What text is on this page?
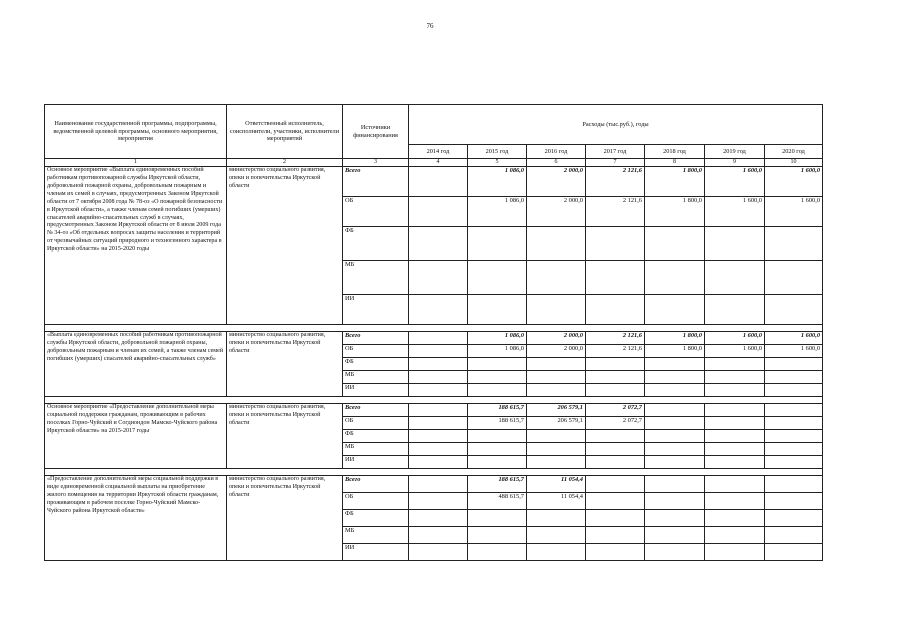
76
Наименование государственной программы, подпрограммы, ведомственной целевой программы, основного мероприятия, мероприятия	Ответственный исполнитель, соисполнители, участники, исполнители мероприятий	Источники финансирования	Расходы (тыс.руб.), годы						
			2014 год	2015 год	2016 год	2017 год	2018 год	2019 год	2020 год
1	2	3	4	5	6	7	8	9	10
Основное мероприятие «Выплата единовременных пособий работникам противопожарной службы Иркутской области, добровольной пожарной охраны, добровольным пожарным и членам их семей в случаях, предусмотренных Законом Иркутской области от 7 октября 2008 года № 78-оз «О пожарной безопасности в Иркутской области», а также членам семей погибших (умерших) спасателей аварийно-спасательных служб в случаях, предусмотренных Законом Иркутской области от 8 июля 2009 года № 34-оз «Об отдельных вопросах защиты населения и территорий от чрезвычайных ситуаций природного и техногенного характера в Иркутской области» на 2015-2020 годы	министерство социального развития, опеки и попечительства Иркутской области	Всего		1 086,0	2 000,0	2 121,6	1 800,0	1 600,0	1 600,0
		ОБ		1 086,0	2 000,0	2 121,6	1 800,0	1 600,0	1 600,0
		ФБ							
		МБ							
		ИИ							

«Выплата единовременных пособий работникам противопожарной службы Иркутской области, добровольной пожарной охраны, добровольным пожарным и членам их семей, а также членам семей погибших (умерших) спасателей аварийно-спасательных служб»	министерство социального развития, опеки и попечительства Иркутской области	Всего		1 086,0	2 000,0	2 121,6	1 800,0	1 600,0	1 600,0
		ОБ		1 086,0	2 000,0	2 121,6	1 800,0	1 600,0	1 600,0
		ФБ							
		МБ							
		ИИ							

Основное мероприятие «Предоставление дополнительной меры социальной поддержки гражданам, проживающим в рабочих поселках Горно-Чуйский и Согдиондон Мамско-Чуйского района Иркутской области» на 2015-2017 годы	министерство социального развития, опеки и попечительства Иркутской области	Всего		188 615,7	206 579,1	2 072,7			
		ОБ		188 615,7	206 579,1	2 072,7			
		ФБ							
		МБ							
		ИИ							

«Предоставление дополнительной меры социальной поддержки в виде единовременной социальной выплаты на приобретение жилого помещения на территории Иркутской области гражданам, проживающим в рабочем поселке Горно-Чуйский Мамско-Чуйского района Иркутской области»	министерство социального развития, опеки и попечительства Иркутской области	Всего		188 615,7	11 054,4				
		ОБ		488 615,7	11 054,4				
		ФБ							
		МБ							
		ИИ							
